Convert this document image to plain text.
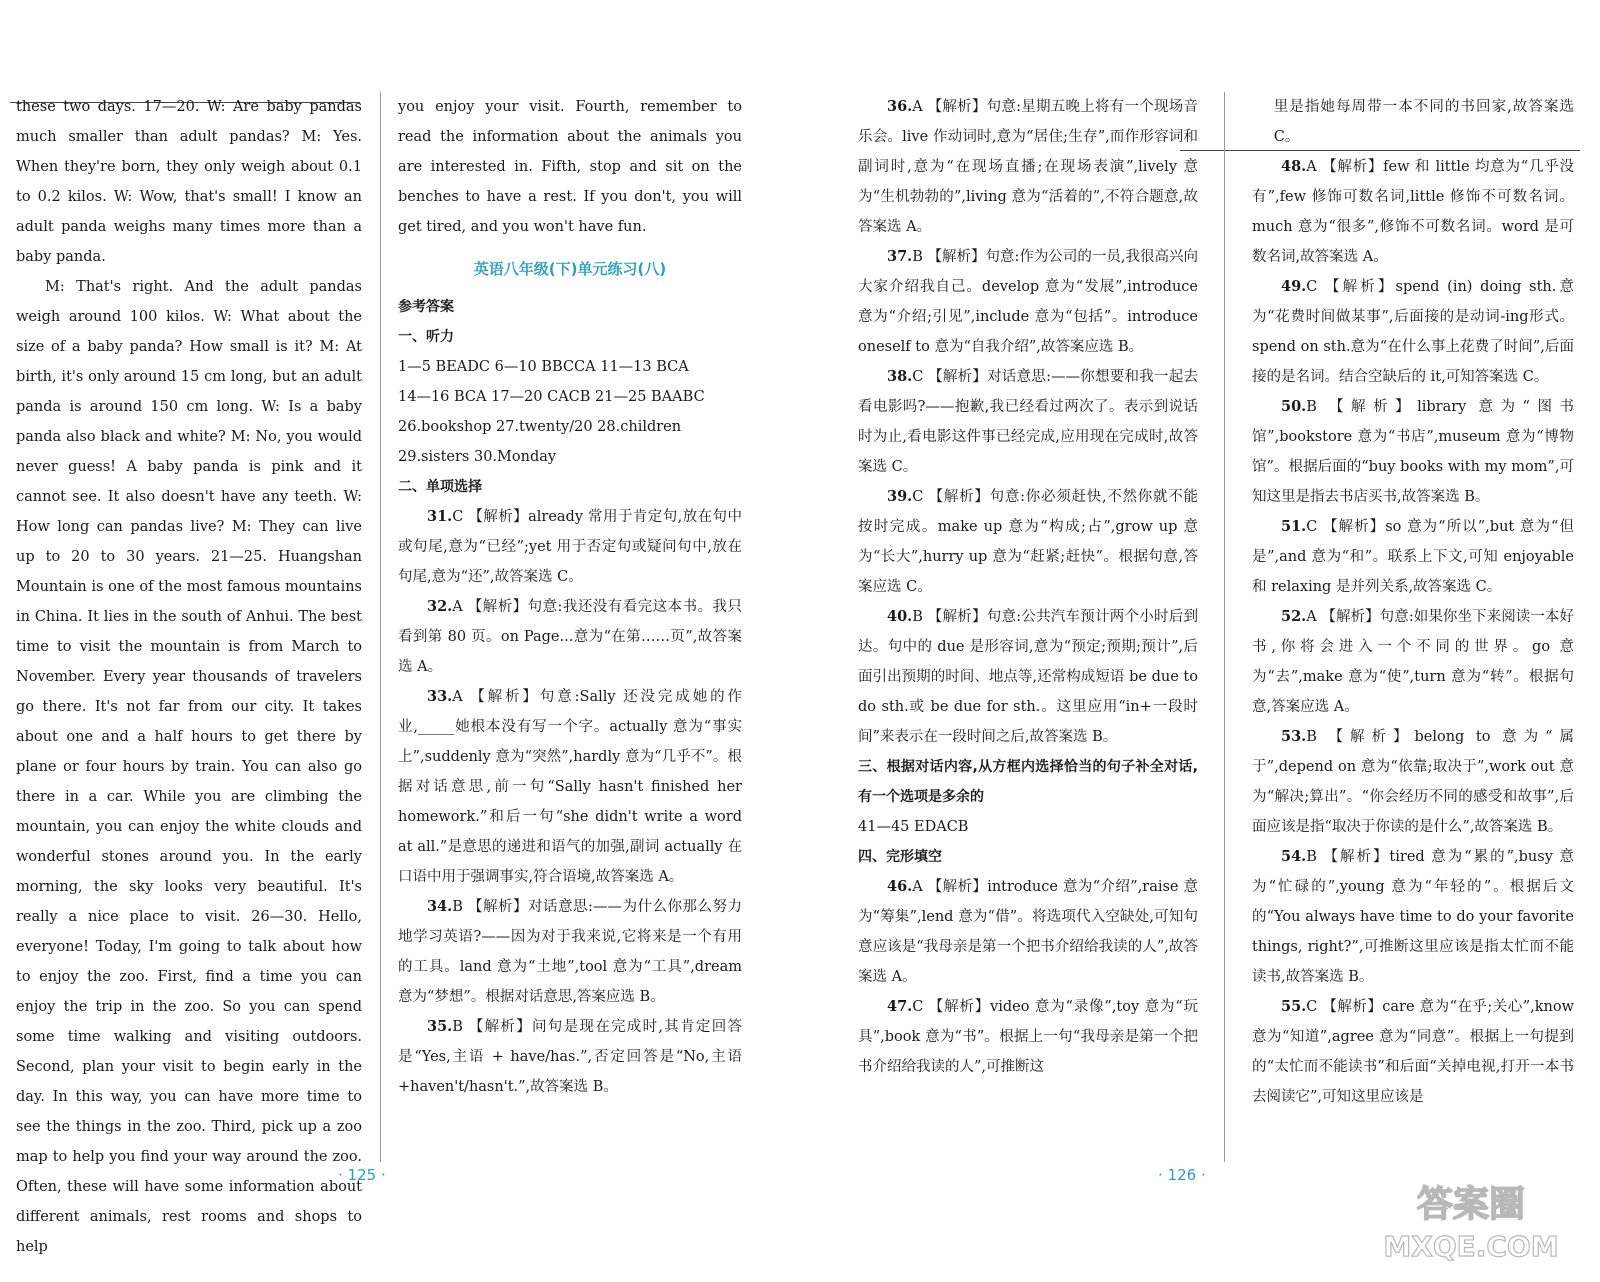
these two days. 17—20. W: Are baby pandas much smaller than adult pandas? M: Yes. When they're born, they only weigh about 0.1 to 0.2 kilos. W: Wow, that's small! I know an adult panda weighs many times more than a baby panda.

M: That's right. And the adult pandas weigh around 100 kilos. W: What about the size of a baby panda? How small is it? M: At birth, it's only around 15 cm long, but an adult panda is around 150 cm long. W: Is a baby panda also black and white? M: No, you would never guess! A baby panda is pink and it cannot see. It also doesn't have any teeth. W: How long can pandas live? M: They can live up to 20 to 30 years. 21—25. Huangshan Mountain is one of the most famous mountains in China. It lies in the south of Anhui. The best time to visit the mountain is from March to November. Every year thousands of travelers go there. It's not far from our city. It takes about one and a half hours to get there by plane or four hours by train. You can also go there in a car. While you are climbing the mountain, you can enjoy the white clouds and wonderful stones around you. In the early morning, the sky looks very beautiful. It's really a nice place to visit. 26—30. Hello, everyone! Today, I'm going to talk about how to enjoy the zoo. First, find a time you can enjoy the trip in the zoo. So you can spend some time walking and visiting outdoors. Second, plan your visit to begin early in the day. In this way, you can have more time to see the things in the zoo. Third, pick up a zoo map to help you find your way around the zoo. Often, these will have some information about different animals, rest rooms and shops to help

you enjoy your visit. Fourth, remember to read the information about the animals you are interested in. Fifth, stop and sit on the benches to have a rest. If you don't, you will get tired, and you won't have fun.

英语八年级(下)单元练习(八)

参考答案

一、听力

1—5 BEADC 6—10 BBCCA 11—13 BCA

14—16 BCA 17—20 CACB 21—25 BAABC

26.bookshop 27.twenty/20 28.children

29.sisters 30.Monday

二、单项选择

31.C 【解析】already 常用于肯定句,放在句中或句尾,意为“已经”;yet 用于否定句或疑问句中,放在句尾,意为“还”,故答案选 C。

32.A 【解析】句意:我还没有看完这本书。我只看到第 80 页。on Page...意为“在第……页”,故答案选 A。

33.A 【解析】句意:Sally 还没完成她的作业,_____她根本没有写一个字。actually 意为“事实上”,suddenly 意为“突然”,hardly 意为“几乎不”。根据对话意思,前一句“Sally hasn't finished her homework.”和后一句“she didn't write a word at all.”是意思的递进和语气的加强,副词 actually 在口语中用于强调事实,符合语境,故答案选 A。

34.B 【解析】对话意思:——为什么你那么努力地学习英语?——因为对于我来说,它将来是一个有用的工具。land 意为“土地”,tool 意为“工具”,dream 意为“梦想”。根据对话意思,答案应选 B。

35.B 【解析】问句是现在完成时,其肯定回答是“Yes,主语 + have/has.”,否定回答是“No,主语+haven't/hasn't.”,故答案选 B。

· 125 ·

36.A 【解析】句意:星期五晚上将有一个现场音乐会。live 作动词时,意为“居住;生存”,而作形容词和副词时,意为“在现场直播;在现场表演”,lively 意为“生机勃勃的”,living 意为“活着的”,不符合题意,故答案选 A。

37.B 【解析】句意:作为公司的一员,我很高兴向大家介绍我自己。develop 意为“发展”,introduce 意为“介绍;引见”,include 意为“包括”。introduce oneself to 意为“自我介绍”,故答案应选 B。

38.C 【解析】对话意思:——你想要和我一起去看电影吗?——抱歉,我已经看过两次了。表示到说话时为止,看电影这件事已经完成,应用现在完成时,故答案选 C。

39.C 【解析】句意:你必须赶快,不然你就不能按时完成。make up 意为“构成;占”,grow up 意为“长大”,hurry up 意为“赶紧;赶快”。根据句意,答案应选 C。

40.B 【解析】句意:公共汽车预计两个小时后到达。句中的 due 是形容词,意为“预定;预期;预计”,后面引出预期的时间、地点等,还常构成短语 be due to do sth.或 be due for sth.。这里应用“in+一段时间”来表示在一段时间之后,故答案选 B。

三、根据对话内容,从方框内选择恰当的句子补全对话,有一个选项是多余的

41—45 EDACB

四、完形填空

46.A 【解析】introduce 意为“介绍”,raise 意为“筹集”,lend 意为“借”。将选项代入空缺处,可知句意应该是“我母亲是第一个把书介绍给我读的人”,故答案选 A。

47.C 【解析】video 意为“录像”,toy 意为“玩具”,book 意为“书”。根据上一句“我母亲是第一个把书介绍给我读的人”,可推断这

里是指她每周带一本不同的书回家,故答案选 C。

48.A 【解析】few 和 little 均意为“几乎没有”,few 修饰可数名词,little 修饰不可数名词。much 意为“很多”,修饰不可数名词。word 是可数名词,故答案选 A。

49.C 【解析】spend (in) doing sth.意为“花费时间做某事”,后面接的是动词-ing形式。spend on sth.意为“在什么事上花费了时间”,后面接的是名词。结合空缺后的 it,可知答案选 C。

50.B 【解析】library 意为“图书馆”,bookstore 意为“书店”,museum 意为“博物馆”。根据后面的“buy books with my mom”,可知这里是指去书店买书,故答案选 B。

51.C 【解析】so 意为“所以”,but 意为“但是”,and 意为“和”。联系上下文,可知 enjoyable 和 relaxing 是并列关系,故答案选 C。

52.A 【解析】句意:如果你坐下来阅读一本好书,你将会进入一个不同的世界。go 意为“去”,make 意为“使”,turn 意为“转”。根据句意,答案应选 A。

53.B 【解析】belong to 意为“属于”,depend on 意为“依靠;取决于”,work out 意为“解决;算出”。“你会经历不同的感受和故事”,后面应该是指“取决于你读的是什么”,故答案选 B。

54.B 【解析】tired 意为“累的”,busy 意为“忙碌的”,young 意为“年轻的”。根据后文的“You always have time to do your favorite things, right?”,可推断这里应该是指太忙而不能读书,故答案选 B。

55.C 【解析】care 意为“在乎;关心”,know 意为“知道”,agree 意为“同意”。根据上一句提到的“太忙而不能读书”和后面“关掉电视,打开一本书去阅读它”,可知这里应该是

· 126 ·
答案圈
MXQE.COM
